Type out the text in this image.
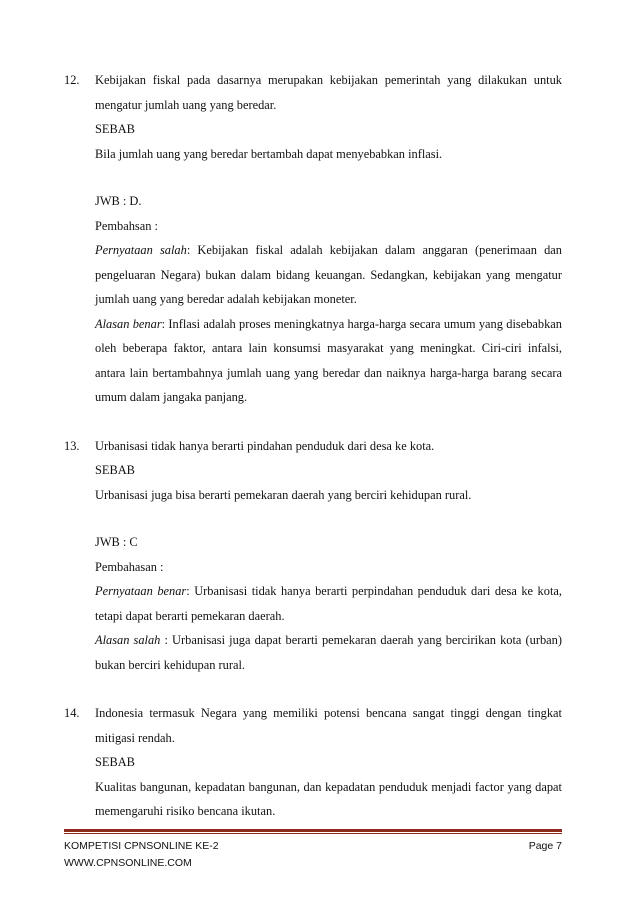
12. Kebijakan fiskal pada dasarnya merupakan kebijakan pemerintah yang dilakukan untuk mengatur jumlah uang yang beredar.
SEBAB
Bila jumlah uang yang beredar bertambah dapat menyebabkan inflasi.
JWB : D.
Pembahsan :
Pernyataan salah: Kebijakan fiskal adalah kebijakan dalam anggaran (penerimaan dan pengeluaran Negara) bukan dalam bidang keuangan. Sedangkan, kebijakan yang mengatur jumlah uang yang beredar adalah kebijakan moneter.
Alasan benar: Inflasi adalah proses meningkatnya harga-harga secara umum yang disebabkan oleh beberapa faktor, antara lain konsumsi masyarakat yang meningkat. Ciri-ciri infalsi, antara lain bertambahnya jumlah uang yang beredar dan naiknya harga-harga barang secara umum dalam jangaka panjang.
13. Urbanisasi tidak hanya berarti pindahan penduduk dari desa ke kota.
SEBAB
Urbanisasi juga bisa berarti pemekaran daerah yang berciri kehidupan rural.
JWB : C
Pembahasan :
Pernyataan benar: Urbanisasi tidak hanya berarti perpindahan penduduk dari desa ke kota, tetapi dapat berarti pemekaran daerah.
Alasan salah : Urbanisasi juga dapat berarti pemekaran daerah yang bercirikan kota (urban) bukan berciri kehidupan rural.
14. Indonesia termasuk Negara yang memiliki potensi bencana sangat tinggi dengan tingkat mitigasi rendah.
SEBAB
Kualitas bangunan, kepadatan bangunan, dan kepadatan penduduk menjadi factor yang dapat memengaruhi risiko bencana ikutan.
KOMPETISI CPNSONLINE KE-2	Page 7
WWW.CPNSONLINE.COM
